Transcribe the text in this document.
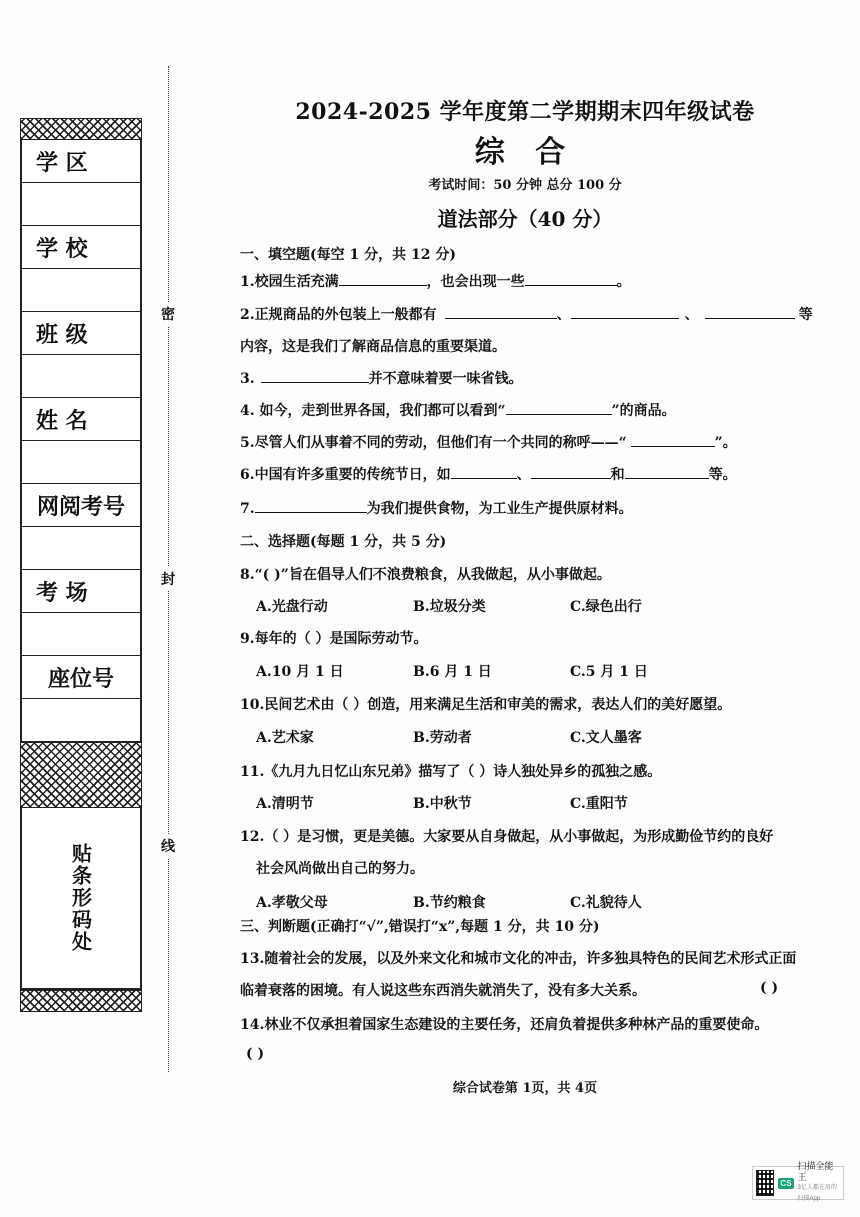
学 区
学 校
班 级
姓 名
网阅考号
考 场
座位号
贴条形码处
密
封
线
2024-2025 学年度第二学期期末四年级试卷
综 合
考试时间：50 分钟 总分 100 分
道法部分（40 分）
一、填空题(每空 1 分，共 12 分)
1.校园生活充满	，也会出现一些	。
2.正规商品的外包装上一般都有	、	、	等
内容，这是我们了解商品信息的重要渠道。
3.	并不意味着要一味省钱。
4. 如今，走到世界各国，我们都可以看到“	”的商品。
5.尽管人们从事着不同的劳动，但他们有一个共同的称呼——“	”。
6.中国有许多重要的传统节日，如	、	和	等。
7.	为我们提供食物，为工业生产提供原材料。
二、选择题(每题 1 分，共 5 分)
8.“( )”旨在倡导人们不浪费粮食，从我做起，从小事做起。
A.光盘行动	B.垃圾分类	C.绿色出行
9.每年的（ ）是国际劳动节。
A.10 月 1 日	B.6 月 1 日	C.5 月 1 日
10.民间艺术由（ ）创造，用来满足生活和审美的需求，表达人们的美好愿望。
A.艺术家	B.劳动者	C.文人墨客
11.《九月九日忆山东兄弟》描写了（ ）诗人独处异乡的孤独之感。
A.清明节	B.中秋节	C.重阳节
12.（ ）是习惯，更是美德。大家要从自身做起，从小事做起，为形成勤俭节约的良好
社会风尚做出自己的努力。
A.孝敬父母	B.节约粮食	C.礼貌待人
三、判断题(正确打“√”,错误打“x”,每题 1 分，共 10 分)
13.随着社会的发展，以及外来文化和城市文化的冲击，许多独具特色的民间艺术形式正面
临着衰落的困境。有人说这些东西消失就消失了，没有多大关系。	( )
14.林业不仅承担着国家生态建设的主要任务，还肩负着提供多种林产品的重要使命。
( )
综合试卷第 1页，共 4页
CS
扫描全能王
3亿人都在用的扫描App
